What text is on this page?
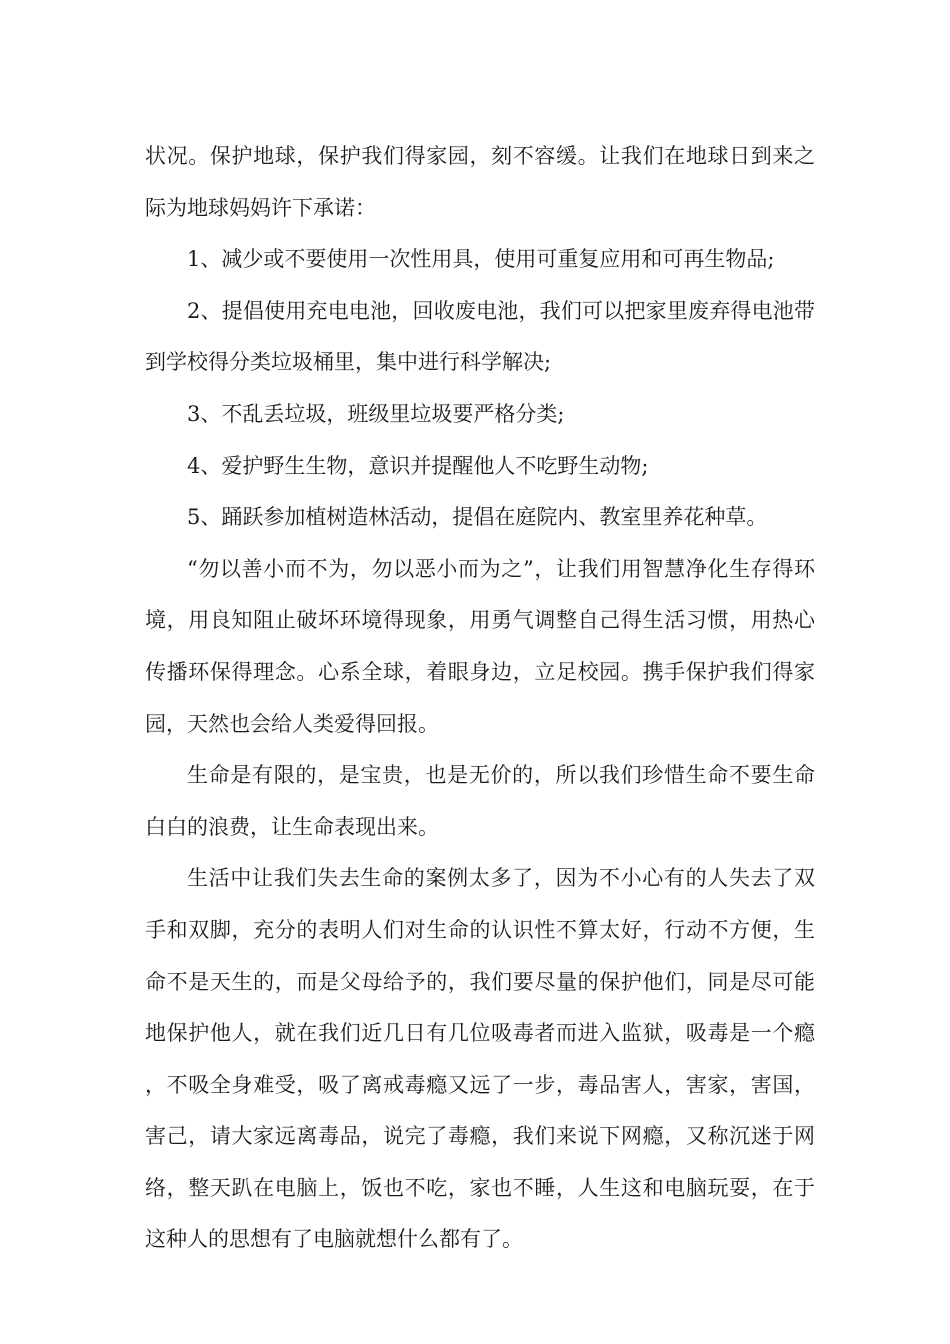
状况。保护地球，保护我们得家园，刻不容缓。让我们在地球日到来之际为地球妈妈许下承诺：

1、减少或不要使用一次性用具，使用可重复应用和可再生物品;

2、提倡使用充电电池，回收废电池，我们可以把家里废弃得电池带到学校得分类垃圾桶里，集中进行科学解决;

3、不乱丢垃圾，班级里垃圾要严格分类;

4、爱护野生生物，意识并提醒他人不吃野生动物;

5、踊跃参加植树造林活动，提倡在庭院内、教室里养花种草。

“勿以善小而不为，勿以恶小而为之”，让我们用智慧净化生存得环境，用良知阻止破坏环境得现象，用勇气调整自己得生活习惯，用热心传播环保得理念。心系全球，着眼身边，立足校园。携手保护我们得家园，天然也会给人类爱得回报。

生命是有限的，是宝贵，也是无价的，所以我们珍惜生命不要生命白白的浪费，让生命表现出来。

生活中让我们失去生命的案例太多了，因为不小心有的人失去了双手和双脚，充分的表明人们对生命的认识性不算太好，行动不方便，生命不是天生的，而是父母给予的，我们要尽量的保护他们，同是尽可能地保护他人，就在我们近几日有几位吸毒者而进入监狱，吸毒是一个瘾，不吸全身难受，吸了离戒毒瘾又远了一步，毒品害人，害家，害国，害己，请大家远离毒品，说完了毒瘾，我们来说下网瘾，又称沉迷于网络，整天趴在电脑上，饭也不吃，家也不睡，人生这和电脑玩耍，在于这种人的思想有了电脑就想什么都有了。
